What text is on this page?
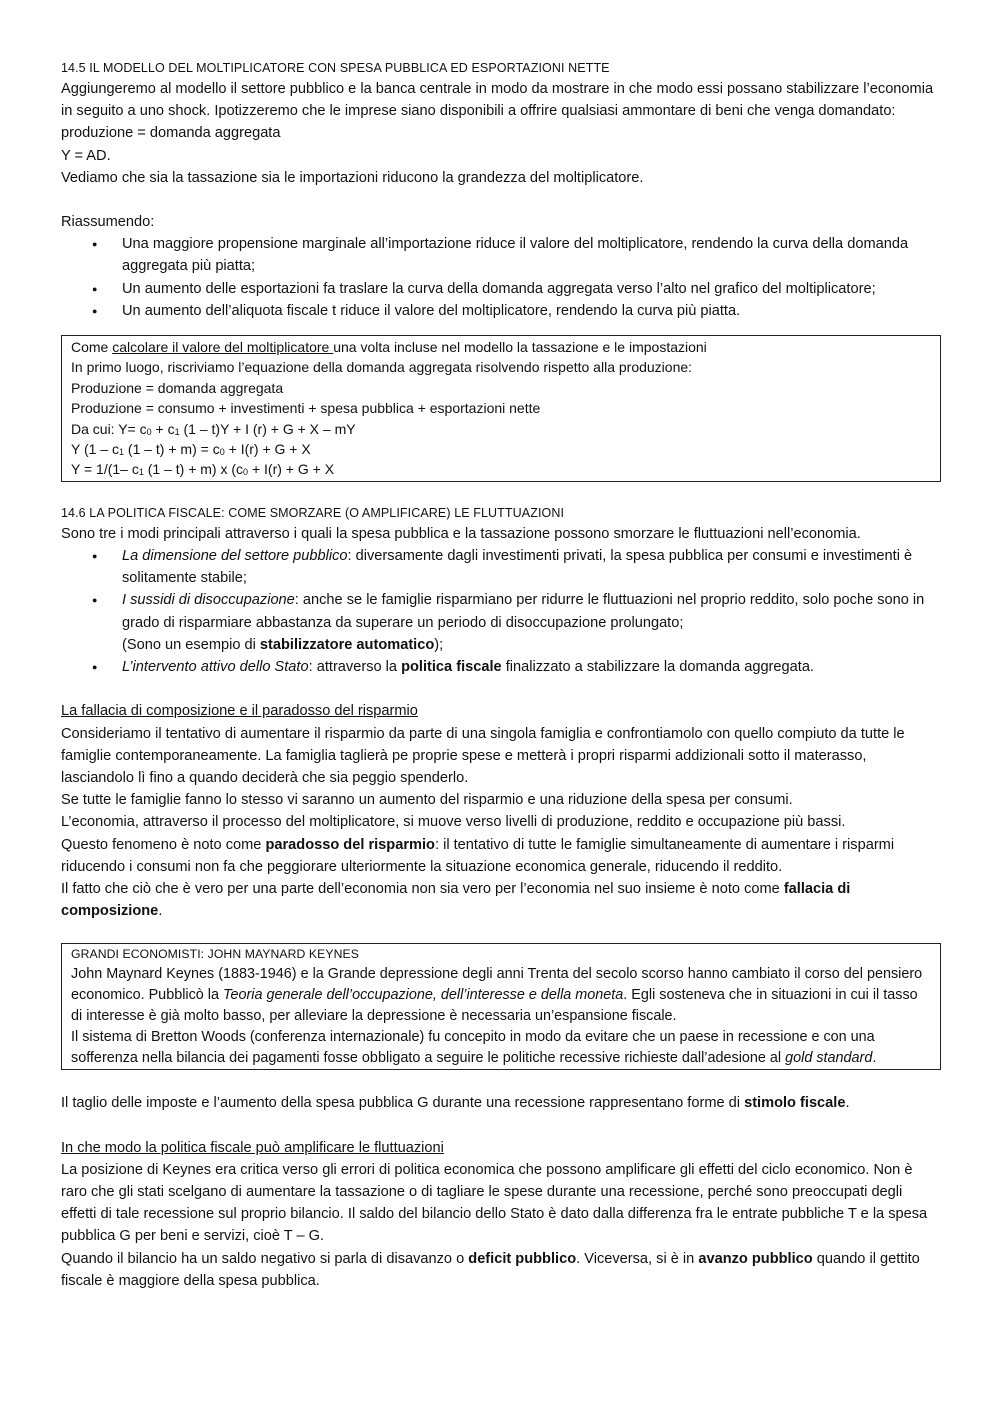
14.5 IL MODELLO DEL MOLTIPLICATORE CON SPESA PUBBLICA ED ESPORTAZIONI NETTE
Aggiungeremo al modello il settore pubblico e la banca centrale in modo da mostrare in che modo essi possano stabilizzare l’economia in seguito a uno shock. Ipotizzeremo che le imprese siano disponibili a offrire qualsiasi ammontare di beni che venga domandato: produzione = domanda aggregata
Y = AD.
Vediamo che sia la tassazione sia le importazioni riducono la grandezza del moltiplicatore.
Riassumendo:
● Una maggiore propensione marginale all’importazione riduce il valore del moltiplicatore, rendendo la curva della domanda aggregata più piatta;
● Un aumento delle esportazioni fa traslare la curva della domanda aggregata verso l’alto nel grafico del moltiplicatore;
● Un aumento dell’aliquota fiscale t riduce il valore del moltiplicatore, rendendo la curva più piatta.
Come calcolare il valore del moltiplicatore una volta incluse nel modello la tassazione e le impostazioni
In primo luogo, riscriviamo l’equazione della domanda aggregata risolvendo rispetto alla produzione:
Produzione = domanda aggregata
Produzione = consumo + investimenti + spesa pubblica + esportazioni nette
Da cui: $Y= c_0 + c_1$ (1 – t)Y + I (r) + G + X – mY
Y ($1 - c_1$ $(1 - t) + m) = c_0 + I(r) + G + X$
Y = 1/(1– $c_1$ (1 – t) + m) x ($c_0 + I(r) + G + X$
14.6 LA POLITICA FISCALE: COME SMORZARE (O AMPLIFICARE) LE FLUTTUAZIONI
Sono tre i modi principali attraverso i quali la spesa pubblica e la tassazione possono smorzare le fluttuazioni nell’economia.
● La dimensione del settore pubblico: diversamente dagli investimenti privati, la spesa pubblica per consumi e investimenti è solitamente stabile;
● I sussidi di disoccupazione: anche se le famiglie risparmiano per ridurre le fluttuazioni nel proprio reddito, solo poche sono in grado di risparmiare abbastanza da superare un periodo di disoccupazione prolungato;
(Sono un esempio di stabilizzatore automatico);
● L’intervento attivo dello Stato: attraverso la politica fiscale finalizzato a stabilizzare la domanda aggregata.
La fallacia di composizione e il paradosso del risparmio
Consideriamo il tentativo di aumentare il risparmio da parte di una singola famiglia e confrontiamolo con quello compiuto da tutte le famiglie contemporaneamente. La famiglia taglierà pe proprie spese e metterà i propri risparmi addizionali sotto il materasso, lasciandolo lì fino a quando deciderà che sia peggio spenderlo.
Se tutte le famiglie fanno lo stesso vi saranno un aumento del risparmio e una riduzione della spesa per consumi.
L’economia, attraverso il processo del moltiplicatore, si muove verso livelli di produzione, reddito e occupazione più bassi.
Questo fenomeno è noto come paradosso del risparmio: il tentativo di tutte le famiglie simultaneamente di aumentare i risparmi riducendo i consumi non fa che peggiorare ulteriormente la situazione economica generale, riducendo il reddito.
Il fatto che ciò che è vero per una parte dell’economia non sia vero per l’economia nel suo insieme è noto come fallacia di composizione.
GRANDI ECONOMISTI: JOHN MAYNARD KEYNES
John Maynard Keynes (1883-1946) e la Grande depressione degli anni Trenta del secolo scorso hanno cambiato il corso del pensiero economico. Pubblicò la Teoria generale dell’occupazione, dell’interesse e della moneta. Egli sosteneva che in situazioni in cui il tasso di interesse è già molto basso, per alleviare la depressione è necessaria un’espansione fiscale.
Il sistema di Bretton Woods (conferenza internazionale) fu concepito in modo da evitare che un paese in recessione e con una sofferenza nella bilancia dei pagamenti fosse obbligato a seguire le politiche recessive richieste dall’adesione al gold standard.
Il taglio delle imposte e l’aumento della spesa pubblica G durante una recessione rappresentano forme di stimolo fiscale.
In che modo la politica fiscale può amplificare le fluttuazioni
La posizione di Keynes era critica verso gli errori di politica economica che possono amplificare gli effetti del ciclo economico. Non è raro che gli stati scelgano di aumentare la tassazione o di tagliare le spese durante una recessione, perché sono preoccupati degli effetti di tale recessione sul proprio bilancio. Il saldo del bilancio dello Stato è dato dalla differenza fra le entrate pubbliche T e la spesa pubblica G per beni e servizi, cioè T – G.
Quando il bilancio ha un saldo negativo si parla di disavanzo o deficit pubblico. Viceversa, si è in avanzo pubblico quando il gettito fiscale è maggiore della spesa pubblica.
